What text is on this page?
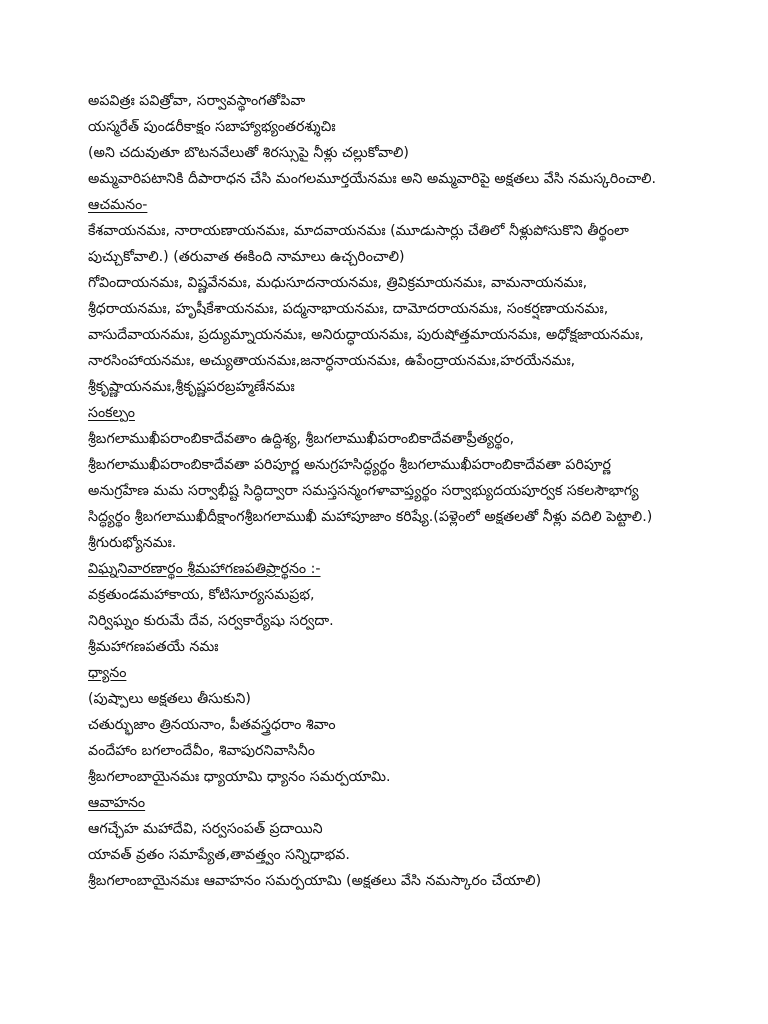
అపవిత్రః పవిత్రోవా, సర్వావస్థాంగతోపివా
యస్మరేత్ పుండరీకాక్షం సబాహ్యాభ్యంతరశ్శుచిః
(అని చదువుతూ బొటనవేలుతో శిరస్సుపై నీళ్లు చల్లుకోవాలి)
అమ్మవారిపటానికి దీపారాధన చేసి మంగలమూర్తయేనమః అని అమ్మవారిపై అక్షతలు వేసి నమస్కరించాలి.
ఆచమనం-
కేశవాయనమః, నారాయణాయనమః, మాదవాయనమః (మూడుసార్లు చేతిలో నీళ్లుపోసుకొని తీర్థంలా
పుచ్చుకోవాలి.) (తరువాత ఈకింది నామాలు ఉచ్చరించాలి)
గోవిందాయనమః, విష్ణవేనమః, మధుసూదనాయనమః, త్రివిక్రమాయనమః, వామనాయనమః,
శ్రీధరాయనమః, హృషీకేశాయనమః, పద్మనాభాయనమః, దామోదరాయనమః, సంకర్షణాయనమః,
వాసుదేవాయనమః, ప్రద్యుమ్నాయనమః, అనిరుద్ధాయనమః, పురుషోత్తమాయనమః, అధోక్షజాయనమః,
నారసింహాయనమః, అచ్యుతాయనమః,జనార్ధనాయనమః, ఉపేంద్రాయనమః,హరయేనమః,
శ్రీకృష్ణాయనమః,శ్రీకృష్ణపరబ్రహ్మణేనమః
సంకల్పం
శ్రీబగలాముఖీపరాంబికాదేవతాం ఉద్దిశ్య, శ్రీబగలాముఖీపరాంబికాదేవతాప్రీత్యర్థం,
శ్రీబగలాముఖీపరాంబికాదేవతా పరిపూర్ణ అనుగ్రహసిద్ధ్యర్థం శ్రీబగలాముఖీపరాంబికాదేవతా పరిపూర్ణ
అనుగ్రహేణ మమ సర్వాభీష్ట సిద్ధిద్వారా సమస్తసన్మంగళావాప్త్యర్థం సర్వాభ్యుదయపూర్వక సకలసౌభాగ్య
సిద్ధ్యర్థం శ్రీబగలాముఖీదీక్షాంగశ్రీబగలాముఖీ మహాపూజాం కరిష్యే.(పళ్లెంలో అక్షతలతో నీళ్లు వదిలి పెట్టాలి.)
శ్రీగురుభ్యోనమః.
విఘ్ననివారణార్థం శ్రీమహాగణపతిప్రార్థనం :-
వక్రతుండమహాకాయ, కోటిసూర్యసమప్రభ,
నిర్విఘ్నం కురుమే దేవ, సర్వకార్యేషు సర్వదా.
శ్రీమహాగణపతయే నమః
ధ్యానం
(పుష్పాలు అక్షతలు తీసుకుని)
చతుర్భుజాం త్రినయనాం, పీతవస్త్రధరాం శివాం
వందేహాం బగలాందేవీం, శివాపురనివాసినీం
శ్రీబగలాంబాయైనమః ధ్యాయామి ధ్యానం సమర్పయామి.
ఆవాహనం
ఆగచ్ఛేహ మహాదేవి, సర్వసంపత్ ప్రదాయిని
యావత్ వ్రతం సమాప్యేత,తావత్త్వం సన్నిధాభవ.
శ్రీబగలాంబాయైనమః ఆవాహనం సమర్పయామి (అక్షతలు వేసి నమస్కారం చేయాలి)
